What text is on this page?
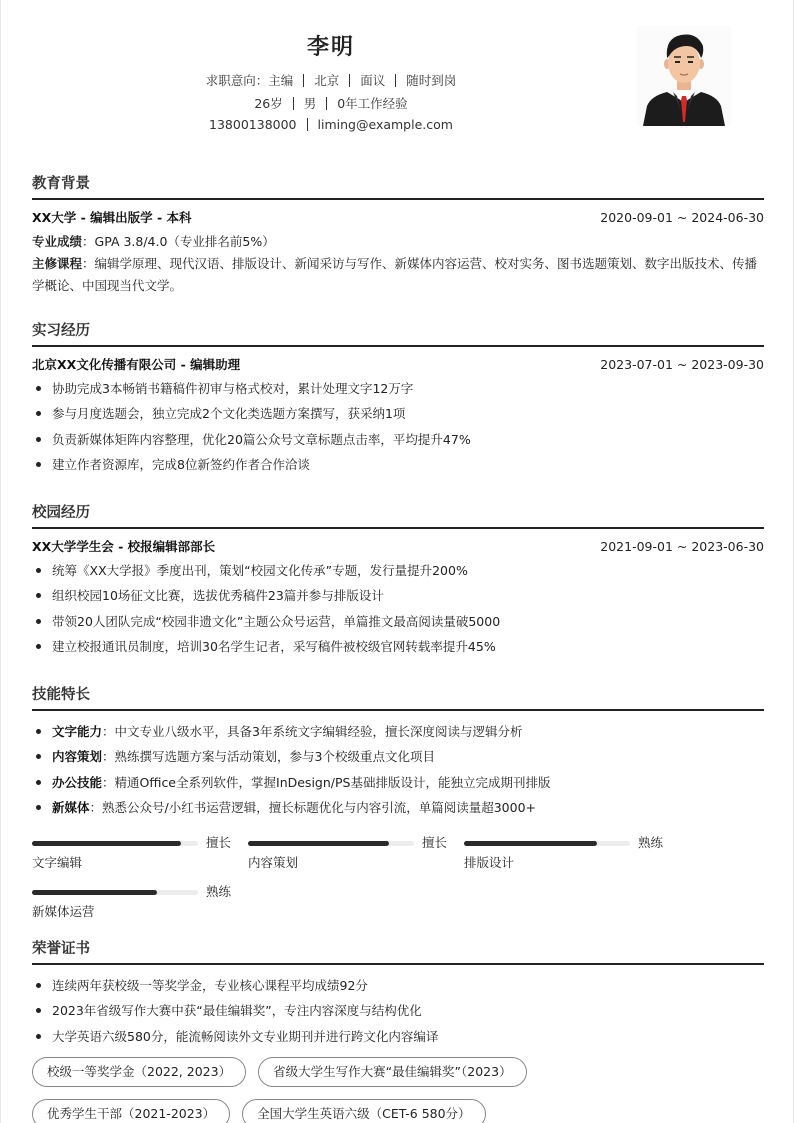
李明
求职意向：主编 北京 面议 随时到岗
26岁 男 0年工作经验
13800138000 liming@example.com
教育背景
XX大学 - 编辑出版学 - 本科	2020-09-01 ~ 2024-06-30
专业成绩：GPA 3.8/4.0（专业排名前5%）
主修课程：编辑学原理、现代汉语、排版设计、新闻采访与写作、新媒体内容运营、校对实务、图书选题策划、数字出版技术、传播学概论、中国现当代文学。
实习经历
北京XX文化传播有限公司 - 编辑助理	2023-07-01 ~ 2023-09-30
协助完成3本畅销书籍稿件初审与格式校对，累计处理文字12万字
参与月度选题会，独立完成2个文化类选题方案撰写，获采纳1项
负责新媒体矩阵内容整理，优化20篇公众号文章标题点击率，平均提升47%
建立作者资源库，完成8位新签约作者合作洽谈
校园经历
XX大学学生会 - 校报编辑部部长	2021-09-01 ~ 2023-06-30
统筹《XX大学报》季度出刊，策划“校园文化传承”专题，发行量提升200%
组织校园10场征文比赛，选拔优秀稿件23篇并参与排版设计
带领20人团队完成“校园非遗文化”主题公众号运营，单篇推文最高阅读量破5000
建立校报通讯员制度，培训30名学生记者，采写稿件被校级官网转载率提升45%
技能特长
文字能力：中文专业八级水平，具备3年系统文字编辑经验，擅长深度阅读与逻辑分析
内容策划：熟练撰写选题方案与活动策划，参与3个校级重点文化项目
办公技能：精通Office全系列软件，掌握InDesign/PS基础排版设计，能独立完成期刊排版
新媒体：熟悉公众号/小红书运营逻辑，擅长标题优化与内容引流，单篇阅读量超3000+
擅长
文字编辑
擅长
内容策划
熟练
排版设计
熟练
新媒体运营
荣誉证书
连续两年获校级一等奖学金，专业核心课程平均成绩92分
2023年省级写作大赛中获“最佳编辑奖”，专注内容深度与结构优化
大学英语六级580分，能流畅阅读外文专业期刊并进行跨文化内容编译
校级一等奖学金（2022, 2023）	省级大学生写作大赛“最佳编辑奖”（2023）
优秀学生干部（2021-2023）	全国大学生英语六级（CET-6 580分）
